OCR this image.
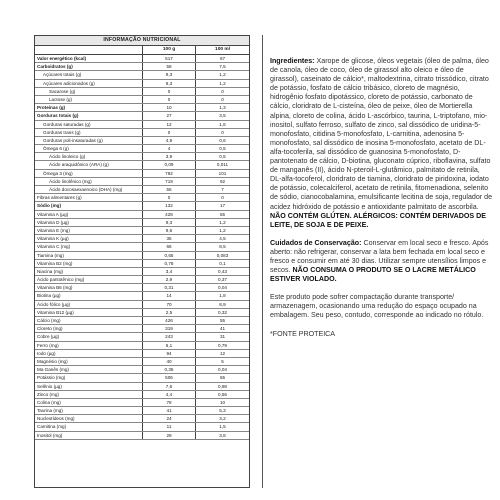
INFORMAÇÃO NUTRICIONAL
100 g	100 ml
Valor energético (kcal)	517	67
Carboidratos (g)	58	7,5
Açúcares totais (g)	9,3	1,2
Açúcares adicionados (g)	9,3	1,2
Sacarose (g)	0	0
Lactose (g)	0	0
Proteínas (g)	10	1,3
Gorduras totais (g)	27	3,5
Gorduras saturadas (g)	12	1,6
Gorduras trans (g)	0	0
Gorduras poli-insaturadas (g)	4,9	0,6
Ômega 6 (g)	4	0,5
Ácido linoleico (g)	3,9	0,5
Ácido araquidônico (ARA) (g)	0,09	0,011
Ômega 3 (mg)	792	101
Ácido linolênico (mg)	719	92
Ácido docosaexaenoico (DHA) (mg)	55	7
Fibras alimentares (g)	0	0
Sódio (mg)	132	17
Vitamina A (µg)	428	55
Vitamina D (µg)	9,3	1,2
Vitamina E (mg)	9,6	1,2
Vitamina K (µg)	35	4,5
Vitamina C (mg)	66	8,5
Tiamina (mg)	0,65	0,083
Vitamina B2 (mg)	0,78	0,1
Niacina (mg)	3,4	0,43
Ácido pantotênico (mg)	2,9	0,37
Vitamina B6 (mg)	0,31	0,04
Biotina (µg)	14	1,8
Ácido fólico (µg)	70	8,9
Vitamina B12 (µg)	2,5	0,32
Cálcio (mg)	426	55
Cloreto (mg)	319	41
Cobre (µg)	243	31
Ferro (mg)	6,1	0,79
Iodo (µg)	94	12
Magnésio (mg)	40	5
Ma Ganês (mg)	0,35	0,04
Potássio (mg)	506	65
Selênio (µg)	7,6	0,98
Zinco (mg)	4,4	0,56
Colina (mg)	78	10
Taurina (mg)	41	5,3
Nucleotídeos (mg)	24	3,2
Carnitina (mg)	11	1,5
Inositol (mg)	29	3,8

Ingredientes: Xarope de glicose, óleos vegetais (óleo de palma, óleo de canola, óleo de coco, óleo de girassol alto oleico e óleo de girassol), caseinato de cálcio*, maltodextrina, citrato trissódico, citrato de potássio, fosfato de cálcio tribásico, cloreto de magnésio, hidrogênio fosfato dipotássico, cloreto de potássio, carbonato de cálcio, cloridrato de L-cisteína, óleo de peixe, óleo de Mortierella alpina, cloreto de colina, ácido L-ascórbico, taurina, L-triptofano, mio-inositol, sulfato ferroso, sulfato de zinco, sal dissódico de uridina-5-monofosfato, citidina 5-monofosfato, L-carnitina, adenosina 5-monofosfato, sal dissódico de inosina 5-monofosfato, acetato de DL-alfa-tocoferila, sal dissódico de guanosina 5-monofosfato, D-pantotenato de cálcio, D-biotina, gluconato cúprico, riboflavina, sulfato de manganês (II), ácido N-pteroil-L-glutâmico, palmitato de retinila, DL-alfa-tocoferol, cloridrato de tiamina, cloridrato de piridoxina, iodato de potássio, colecalciferol, acetato de retinila, fitomenadiona, selenito de sódio, cianocobalamina, emulsificante lecitina de soja, regulador de acidez hidróxido de potássio e antioxidante palmitato de ascorbila. NÃO CONTÉM GLÚTEN. ALÉRGICOS: CONTÉM DERIVADOS DE LEITE, DE SOJA E DE PEIXE.

Cuidados de Conservação: Conservar em local seco e fresco. Após aberto: não refrigerar, conservar a lata bem fechada em local seco e fresco e consumir em até 30 dias. Utilizar sempre utensílios limpos e secos. NÃO CONSUMA O PRODUTO SE O LACRE METÁLICO ESTIVER VIOLADO.

Este produto pode sofrer compactação durante transporte/ armazenagem, ocasionando uma redução do espaço ocupado na embalagem. Seu peso, contudo, corresponde ao indicado no rótulo.

*FONTE PROTEICA
